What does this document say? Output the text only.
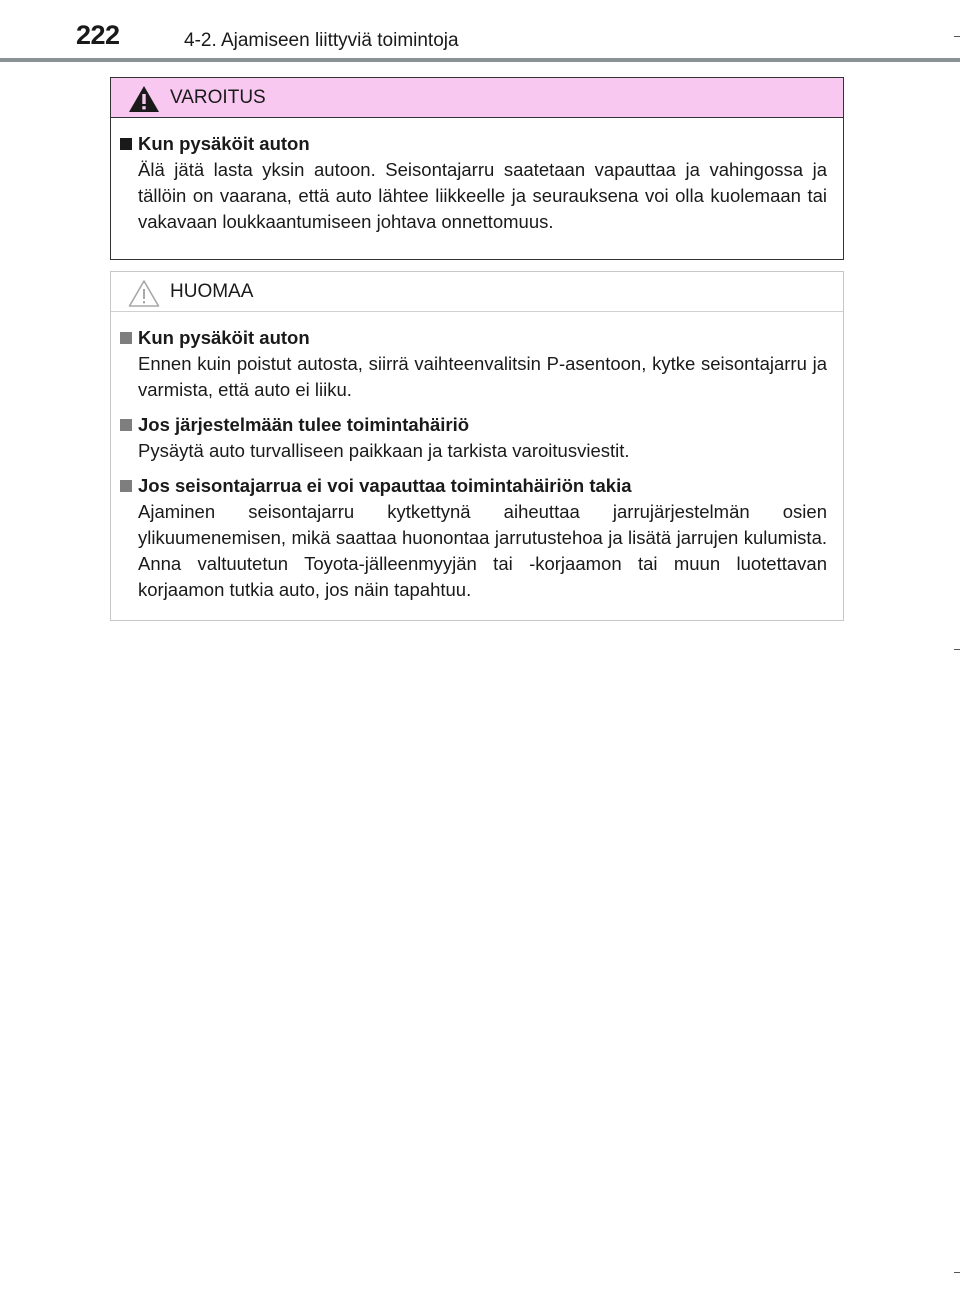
222	4-2. Ajamiseen liittyviä toimintoja
VAROITUS
Kun pysäköit auton
Älä jätä lasta yksin autoon. Seisontajarru saatetaan vapauttaa ja vahingossa ja tällöin on vaarana, että auto lähtee liikkeelle ja seurauksena voi olla kuolemaan tai vakavaan loukkaantumiseen johtava onnettomuus.
HUOMAA
Kun pysäköit auton
Ennen kuin poistut autosta, siirrä vaihteenvalitsin P-asentoon, kytke seisontajarru ja varmista, että auto ei liiku.
Jos järjestelmään tulee toimintahäiriö
Pysäytä auto turvalliseen paikkaan ja tarkista varoitusviestit.
Jos seisontajarrua ei voi vapauttaa toimintahäiriön takia
Ajaminen seisontajarru kytkettynä aiheuttaa jarrujärjestelmän osien ylikuumenemisen, mikä saattaa huonontaa jarrutustehoa ja lisätä jarrujen kulumista. Anna valtuutetun Toyota-jälleenmyyjän tai -korjaamon tai muun luotettavan korjaamon tutkia auto, jos näin tapahtuu.
